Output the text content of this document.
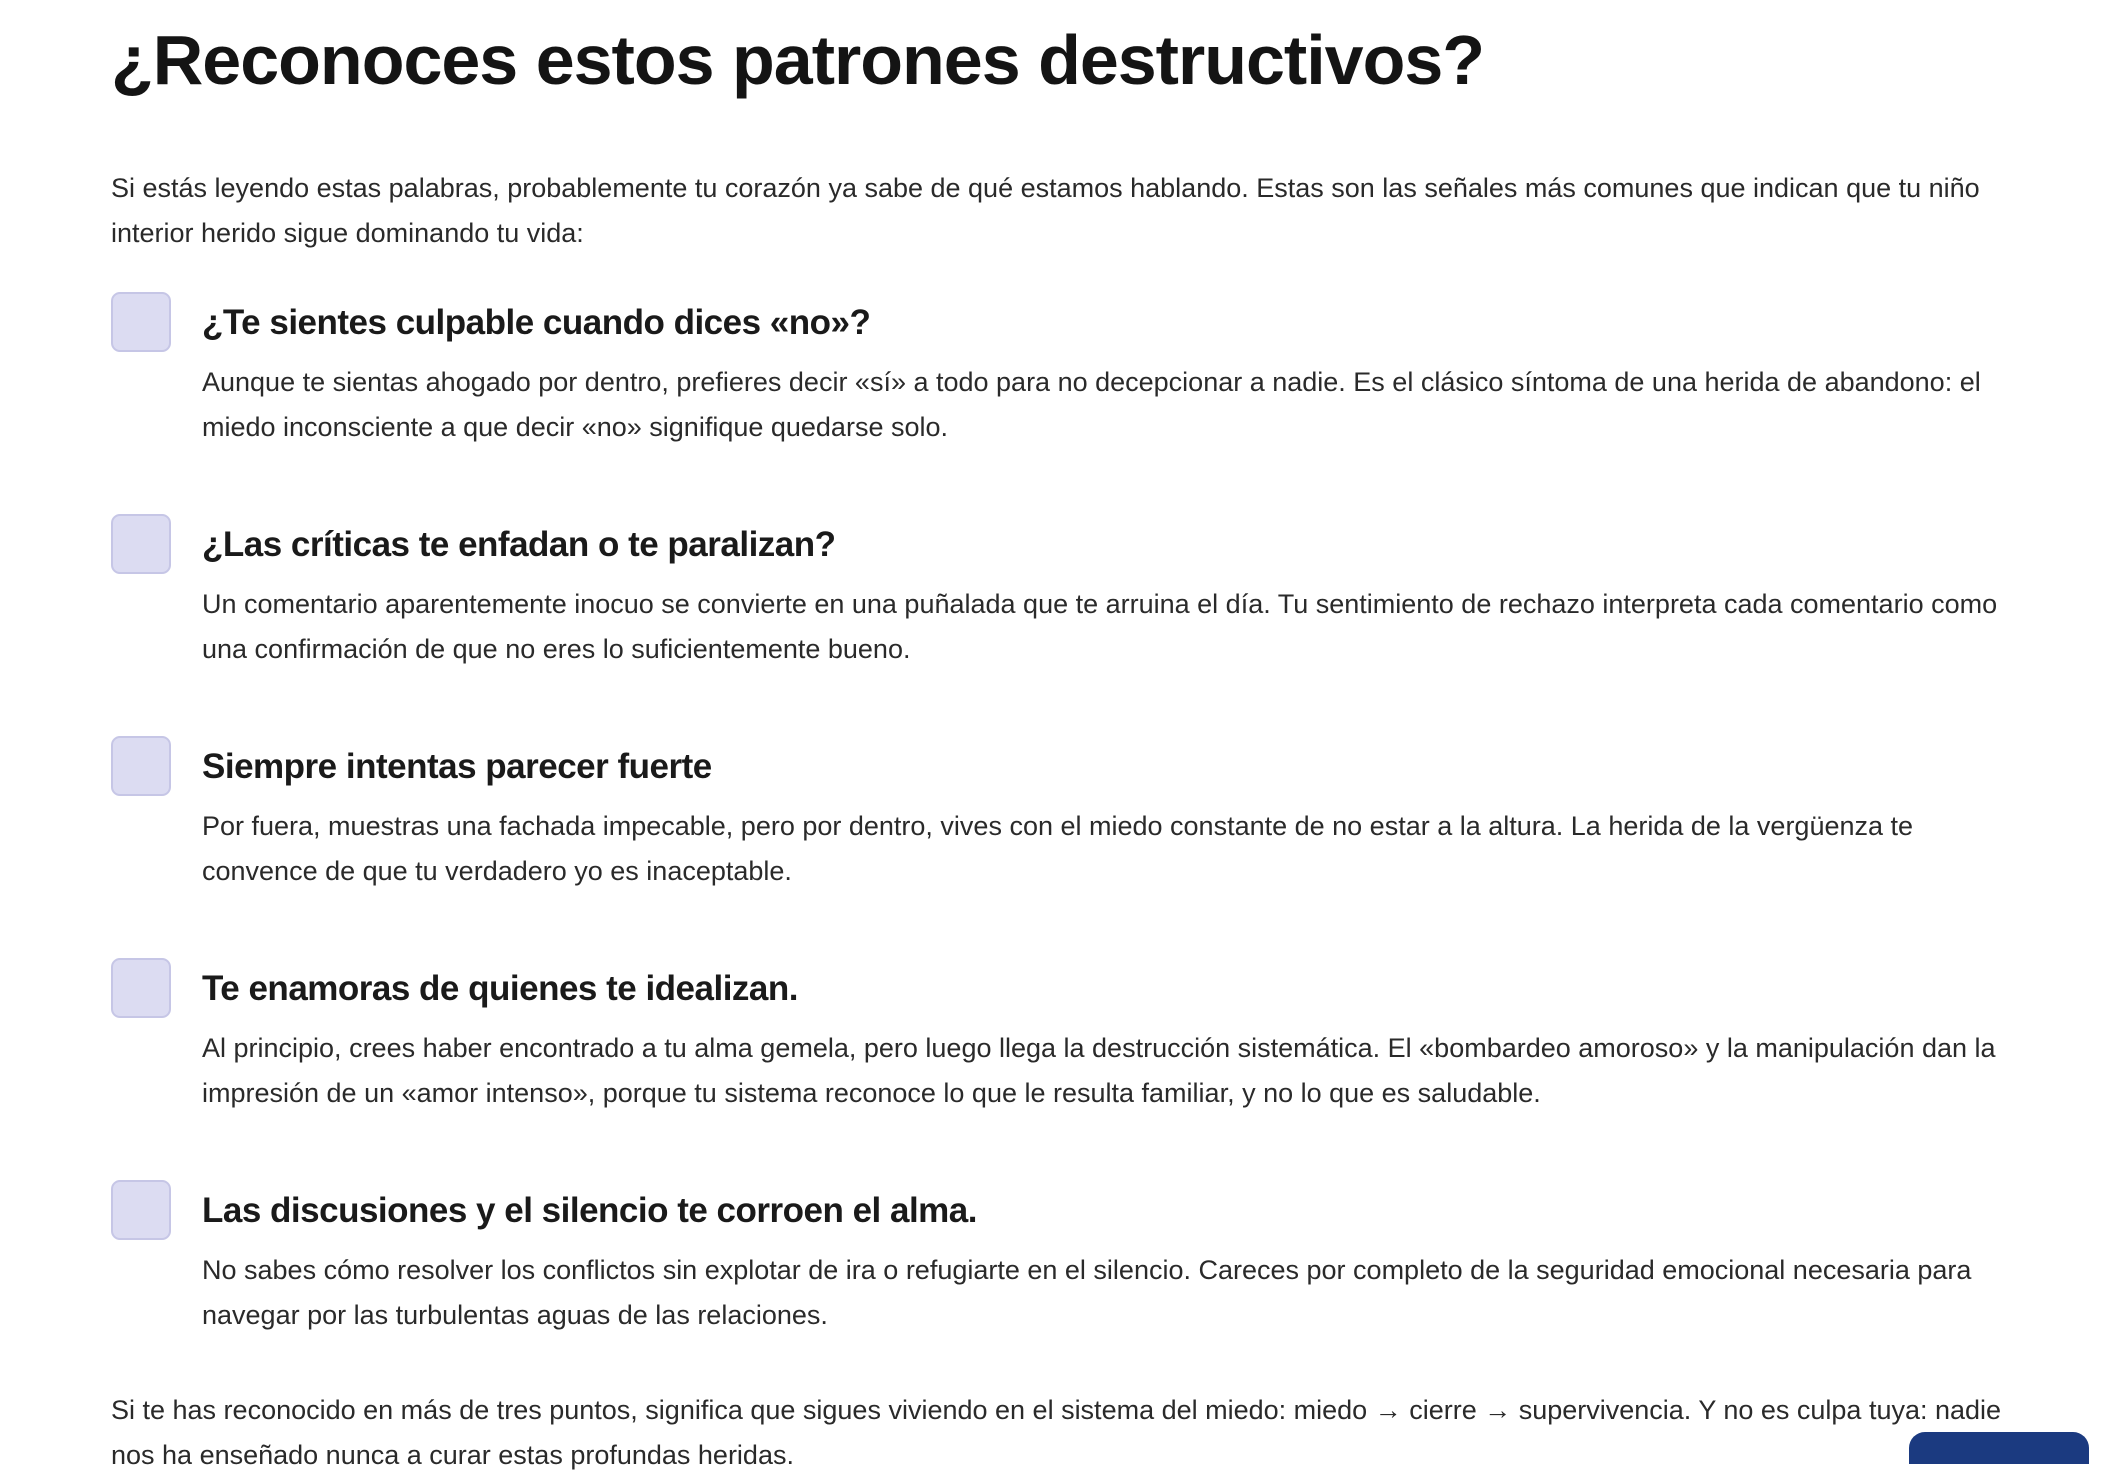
¿Reconoces estos patrones destructivos?

Si estás leyendo estas palabras, probablemente tu corazón ya sabe de qué estamos hablando. Estas son las señales más comunes que indican que tu niño interior herido sigue dominando tu vida:

¿Te sientes culpable cuando dices «no»?

Aunque te sientas ahogado por dentro, prefieres decir «sí» a todo para no decepcionar a nadie. Es el clásico síntoma de una herida de abandono: el miedo inconsciente a que decir «no» signifique quedarse solo.

¿Las críticas te enfadan o te paralizan?

Un comentario aparentemente inocuo se convierte en una puñalada que te arruina el día. Tu sentimiento de rechazo interpreta cada comentario como una confirmación de que no eres lo suficientemente bueno.

Siempre intentas parecer fuerte

Por fuera, muestras una fachada impecable, pero por dentro, vives con el miedo constante de no estar a la altura. La herida de la vergüenza te convence de que tu verdadero yo es inaceptable.

Te enamoras de quienes te idealizan.

Al principio, crees haber encontrado a tu alma gemela, pero luego llega la destrucción sistemática. El «bombardeo amoroso» y la manipulación dan la impresión de un «amor intenso», porque tu sistema reconoce lo que le resulta familiar, y no lo que es saludable.

Las discusiones y el silencio te corroen el alma.

No sabes cómo resolver los conflictos sin explotar de ira o refugiarte en el silencio. Careces por completo de la seguridad emocional necesaria para navegar por las turbulentas aguas de las relaciones.

Si te has reconocido en más de tres puntos, significa que sigues viviendo en el sistema del miedo: miedo → cierre → supervivencia. Y no es culpa tuya: nadie nos ha enseñado nunca a curar estas profundas heridas.
